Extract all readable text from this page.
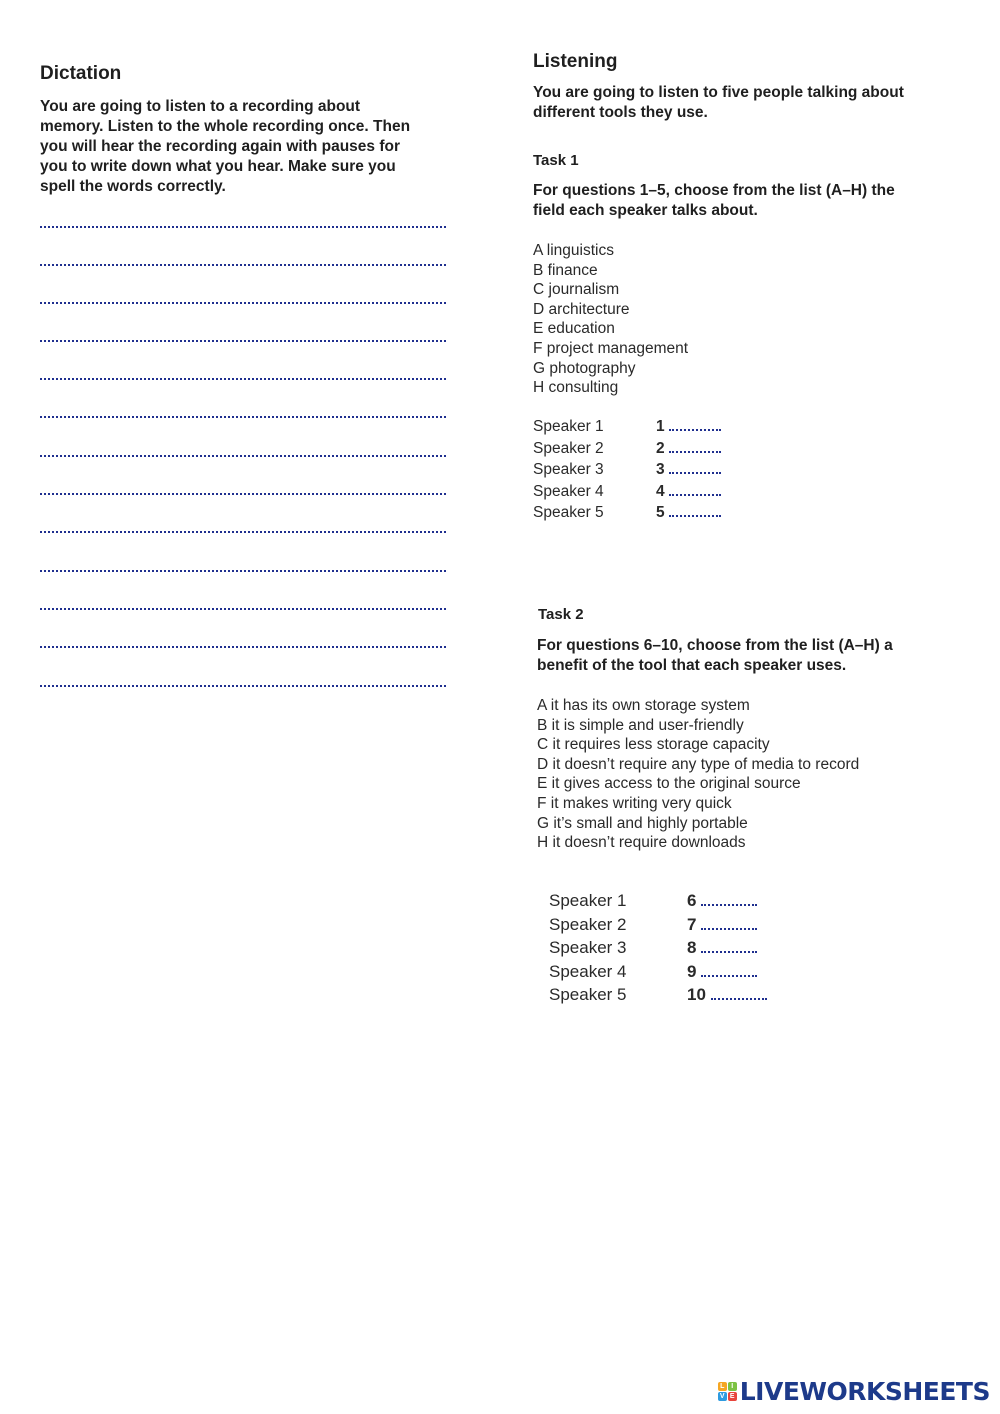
Dictation
You are going to listen to a recording about
memory. Listen to the whole recording once. Then
you will hear the recording again with pauses for
you to write down what you hear. Make sure you
spell the words correctly.
Listening
You are going to listen to five people talking about
different tools they use.
Task 1
For questions 1–5, choose from the list (A–H) the
field each speaker talks about.
A linguistics
B finance
C journalism
D architecture
E education
F project management
G photography
H consulting
Speaker 1	1
Speaker 2	2
Speaker 3	3
Speaker 4	4
Speaker 5	5
Task 2
For questions 6–10, choose from the list (A–H) a
benefit of the tool that each speaker uses.
A it has its own storage system
B it is simple and user-friendly
C it requires less storage capacity
D it doesn’t require any type of media to record
E it gives access to the original source
F it makes writing very quick
G it’s small and highly portable
H it doesn’t require downloads
Speaker 1	6
Speaker 2	7
Speaker 3	8
Speaker 4	9
Speaker 5	10
L I
V E LIVEWORKSHEETS
